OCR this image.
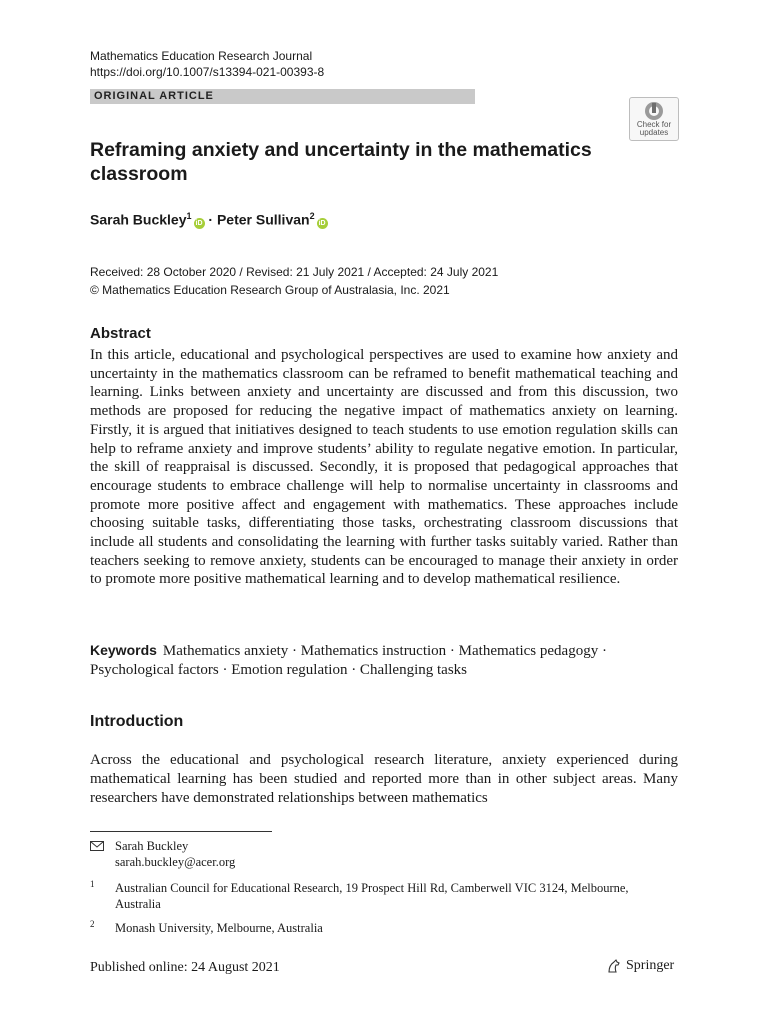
Mathematics Education Research Journal
https://doi.org/10.1007/s13394-021-00393-8
ORIGINAL ARTICLE
Check for
updates
Reframing anxiety and uncertainty in the mathematics classroom
Sarah Buckley$^1$iD · Peter Sullivan$^2$iD
Received: 28 October 2020 / Revised: 21 July 2021 / Accepted: 24 July 2021
© Mathematics Education Research Group of Australasia, Inc. 2021
Abstract
In this article, educational and psychological perspectives are used to examine how anxiety and uncertainty in the mathematics classroom can be reframed to benefit mathematical teaching and learning. Links between anxiety and uncertainty are discussed and from this discussion, two methods are proposed for reducing the negative impact of mathematics anxiety on learning. Firstly, it is argued that initiatives designed to teach students to use emotion regulation skills can help to reframe anxiety and improve students’ ability to regulate negative emotion. In particular, the skill of reappraisal is discussed. Secondly, it is proposed that pedagogical approaches that encourage students to embrace challenge will help to normalise uncertainty in classrooms and promote more positive affect and engagement with mathematics. These approaches include choosing suitable tasks, differentiating those tasks, orchestrating classroom discussions that include all students and consolidating the learning with further tasks suitably varied. Rather than teachers seeking to remove anxiety, students can be encouraged to manage their anxiety in order to promote more positive mathematical learning and to develop mathematical resilience.
Keywords Mathematics anxiety · Mathematics instruction · Mathematics pedagogy · Psychological factors · Emotion regulation · Challenging tasks
Introduction
Across the educational and psychological research literature, anxiety experienced during mathematical learning has been studied and reported more than in other subject areas. Many researchers have demonstrated relationships between mathematics
Sarah Buckley
sarah.buckley@acer.org
1 Australian Council for Educational Research, 19 Prospect Hill Rd, Camberwell VIC 3124, Melbourne, Australia
2 Monash University, Melbourne, Australia
Published online: 24 August 2021	Springer
